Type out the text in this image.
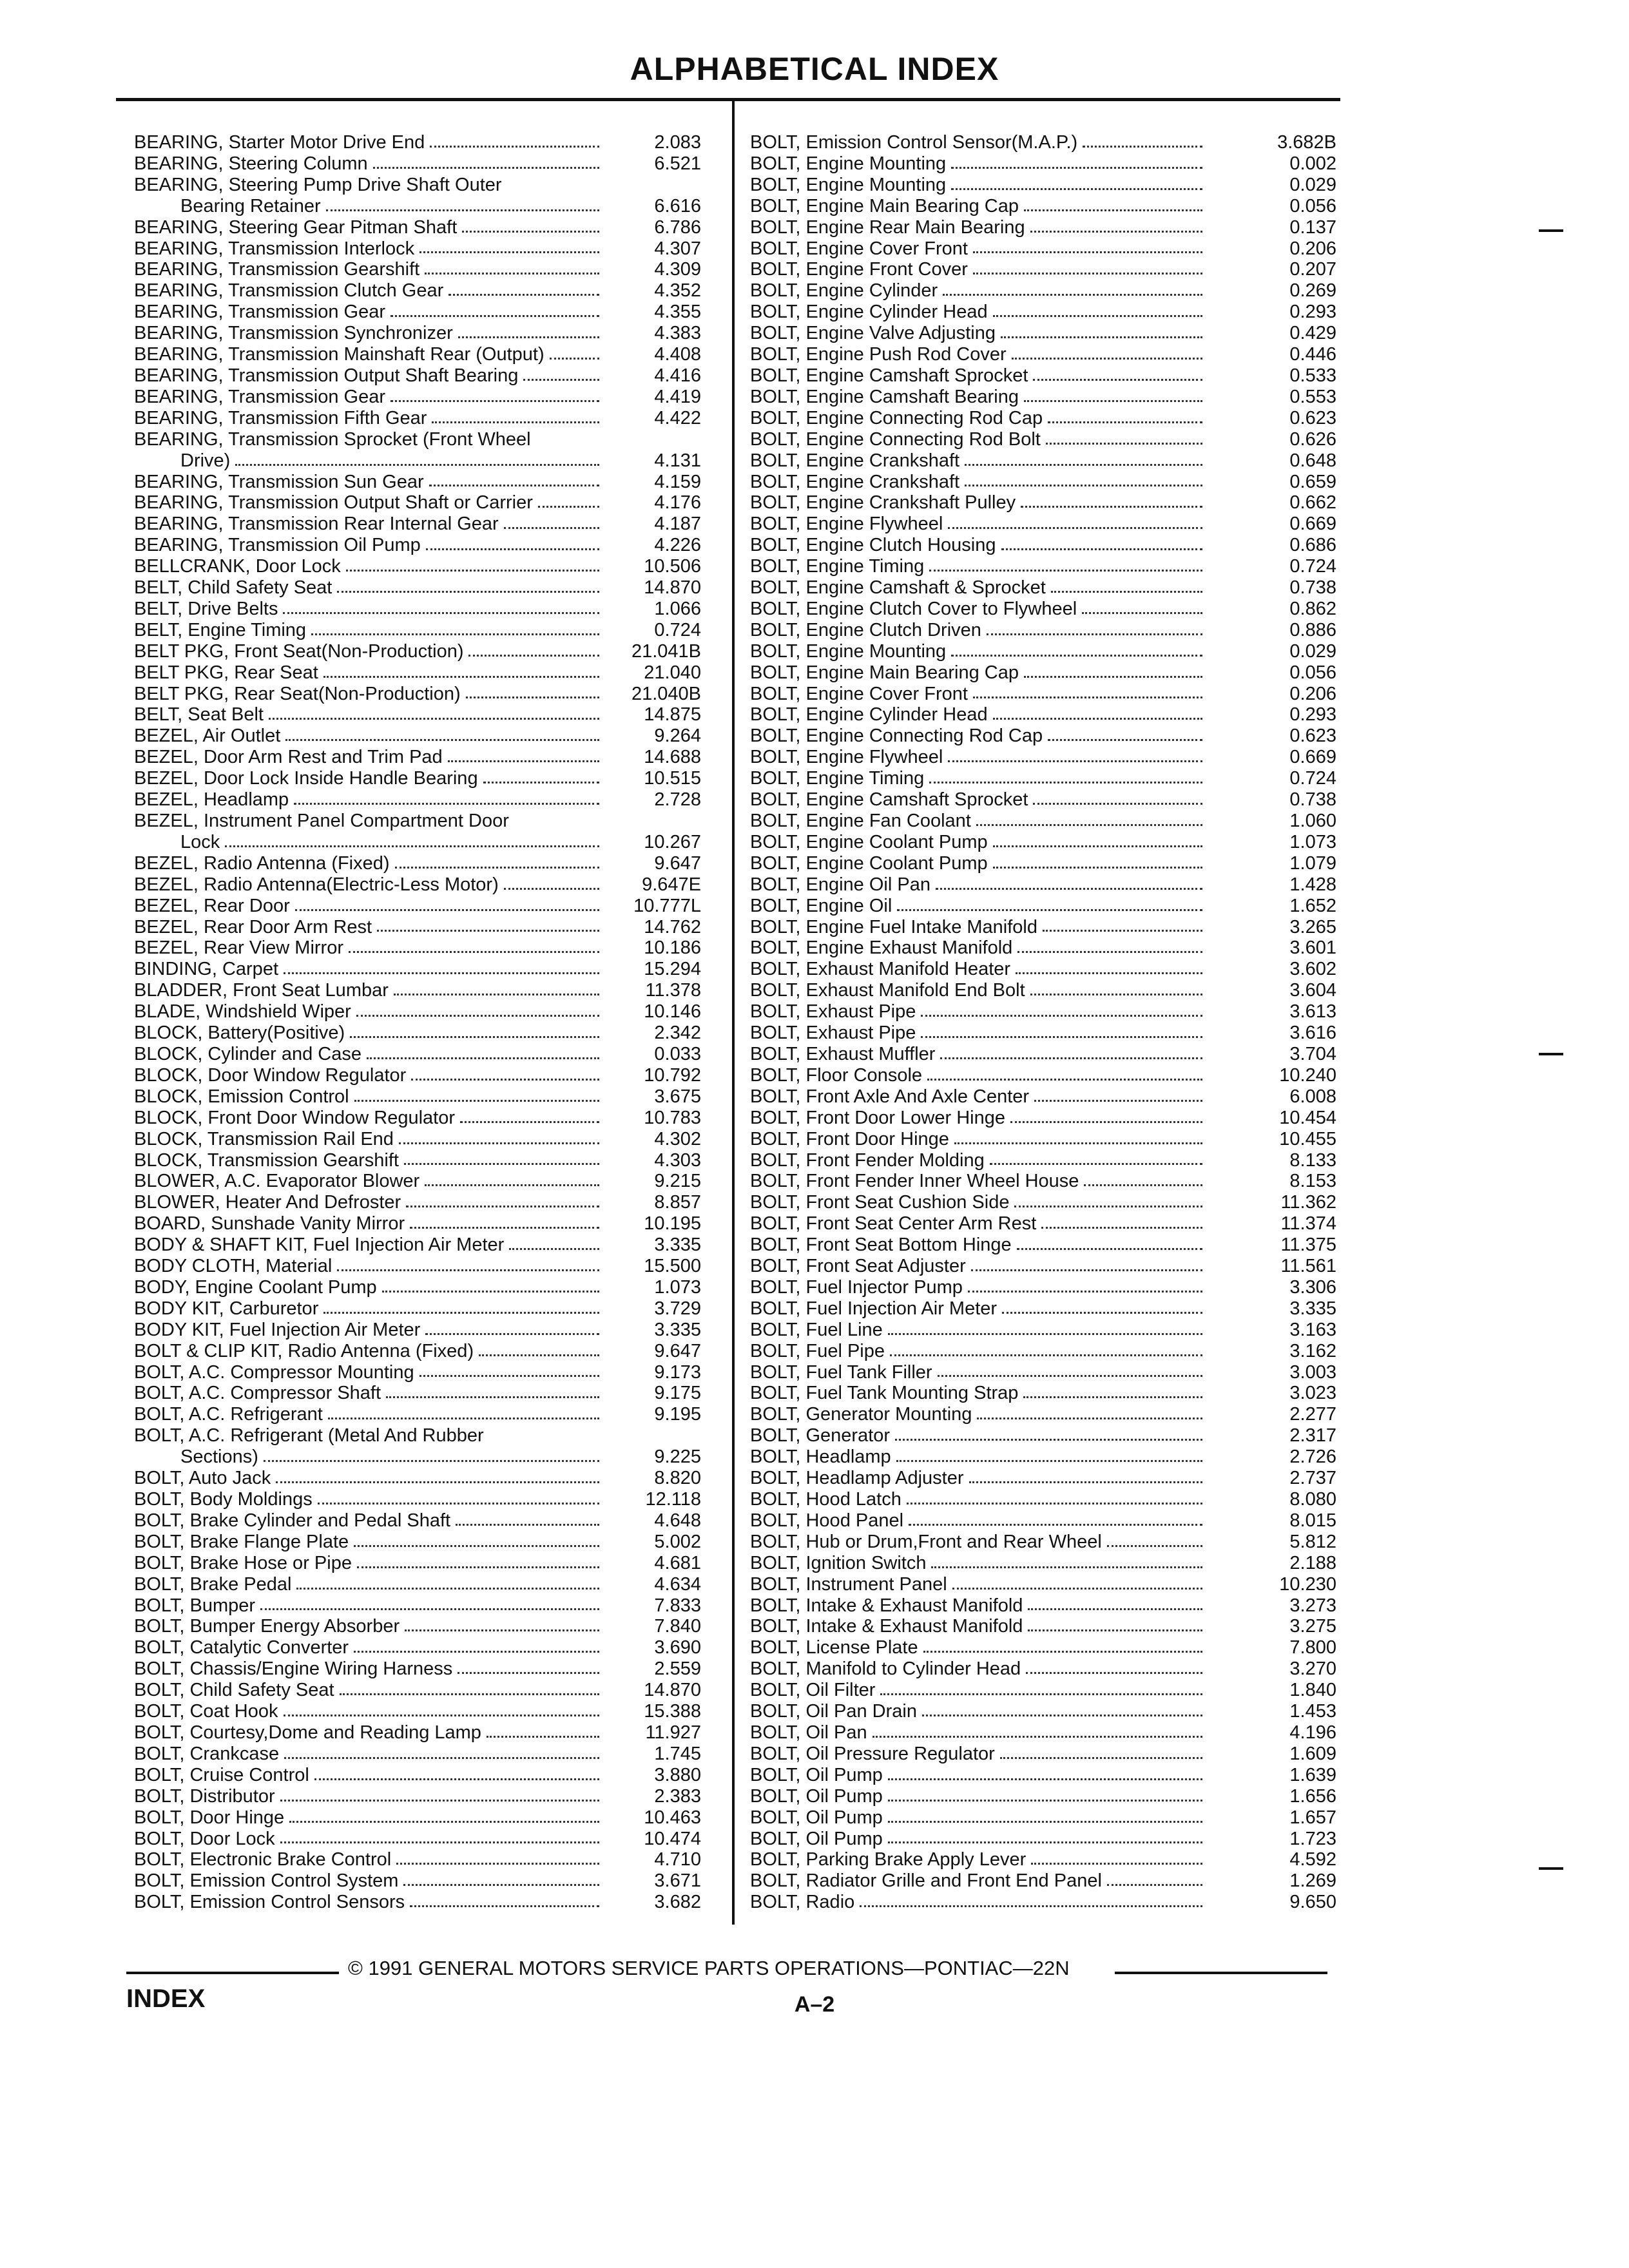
ALPHABETICAL INDEX
BEARING, Starter Motor Drive End	2.083
BEARING, Steering Column	6.521
BEARING, Steering Pump Drive Shaft Outer
Bearing Retainer	6.616
BEARING, Steering Gear Pitman Shaft	6.786
BEARING, Transmission Interlock	4.307
BEARING, Transmission Gearshift	4.309
BEARING, Transmission Clutch Gear	4.352
BEARING, Transmission Gear	4.355
BEARING, Transmission Synchronizer	4.383
BEARING, Transmission Mainshaft Rear (Output)	4.408
BEARING, Transmission Output Shaft Bearing	4.416
BEARING, Transmission Gear	4.419
BEARING, Transmission Fifth Gear	4.422
BEARING, Transmission Sprocket (Front Wheel
Drive)	4.131
BEARING, Transmission Sun Gear	4.159
BEARING, Transmission Output Shaft or Carrier	4.176
BEARING, Transmission Rear Internal Gear	4.187
BEARING, Transmission Oil Pump	4.226
BELLCRANK, Door Lock	10.506
BELT, Child Safety Seat	14.870
BELT, Drive Belts	1.066
BELT, Engine Timing	0.724
BELT PKG, Front Seat(Non-Production)	21.041B
BELT PKG, Rear Seat	21.040
BELT PKG, Rear Seat(Non-Production)	21.040B
BELT, Seat Belt	14.875
BEZEL, Air Outlet	9.264
BEZEL, Door Arm Rest and Trim Pad	14.688
BEZEL, Door Lock Inside Handle Bearing	10.515
BEZEL, Headlamp	2.728
BEZEL, Instrument Panel Compartment Door
Lock	10.267
BEZEL, Radio Antenna (Fixed)	9.647
BEZEL, Radio Antenna(Electric-Less Motor)	9.647E
BEZEL, Rear Door	10.777L
BEZEL, Rear Door Arm Rest	14.762
BEZEL, Rear View Mirror	10.186
BINDING, Carpet	15.294
BLADDER, Front Seat Lumbar	11.378
BLADE, Windshield Wiper	10.146
BLOCK, Battery(Positive)	2.342
BLOCK, Cylinder and Case	0.033
BLOCK, Door Window Regulator	10.792
BLOCK, Emission Control	3.675
BLOCK, Front Door Window Regulator	10.783
BLOCK, Transmission Rail End	4.302
BLOCK, Transmission Gearshift	4.303
BLOWER, A.C. Evaporator Blower	9.215
BLOWER, Heater And Defroster	8.857
BOARD, Sunshade Vanity Mirror	10.195
BODY & SHAFT KIT, Fuel Injection Air Meter	3.335
BODY CLOTH, Material	15.500
BODY, Engine Coolant Pump	1.073
BODY KIT, Carburetor	3.729
BODY KIT, Fuel Injection Air Meter	3.335
BOLT & CLIP KIT, Radio Antenna (Fixed)	9.647
BOLT, A.C. Compressor Mounting	9.173
BOLT, A.C. Compressor Shaft	9.175
BOLT, A.C. Refrigerant	9.195
BOLT, A.C. Refrigerant (Metal And Rubber
Sections)	9.225
BOLT, Auto Jack	8.820
BOLT, Body Moldings	12.118
BOLT, Brake Cylinder and Pedal Shaft	4.648
BOLT, Brake Flange Plate	5.002
BOLT, Brake Hose or Pipe	4.681
BOLT, Brake Pedal	4.634
BOLT, Bumper	7.833
BOLT, Bumper Energy Absorber	7.840
BOLT, Catalytic Converter	3.690
BOLT, Chassis/Engine Wiring Harness	2.559
BOLT, Child Safety Seat	14.870
BOLT, Coat Hook	15.388
BOLT, Courtesy,Dome and Reading Lamp	11.927
BOLT, Crankcase	1.745
BOLT, Cruise Control	3.880
BOLT, Distributor	2.383
BOLT, Door Hinge	10.463
BOLT, Door Lock	10.474
BOLT, Electronic Brake Control	4.710
BOLT, Emission Control System	3.671
BOLT, Emission Control Sensors	3.682
BOLT, Emission Control Sensor(M.A.P.)	3.682B
BOLT, Engine Mounting	0.002
BOLT, Engine Mounting	0.029
BOLT, Engine Main Bearing Cap	0.056
BOLT, Engine Rear Main Bearing	0.137
BOLT, Engine Cover Front	0.206
BOLT, Engine Front Cover	0.207
BOLT, Engine Cylinder	0.269
BOLT, Engine Cylinder Head	0.293
BOLT, Engine Valve Adjusting	0.429
BOLT, Engine Push Rod Cover	0.446
BOLT, Engine Camshaft Sprocket	0.533
BOLT, Engine Camshaft Bearing	0.553
BOLT, Engine Connecting Rod Cap	0.623
BOLT, Engine Connecting Rod Bolt	0.626
BOLT, Engine Crankshaft	0.648
BOLT, Engine Crankshaft	0.659
BOLT, Engine Crankshaft Pulley	0.662
BOLT, Engine Flywheel	0.669
BOLT, Engine Clutch Housing	0.686
BOLT, Engine Timing	0.724
BOLT, Engine Camshaft & Sprocket	0.738
BOLT, Engine Clutch Cover to Flywheel	0.862
BOLT, Engine Clutch Driven	0.886
BOLT, Engine Mounting	0.029
BOLT, Engine Main Bearing Cap	0.056
BOLT, Engine Cover Front	0.206
BOLT, Engine Cylinder Head	0.293
BOLT, Engine Connecting Rod Cap	0.623
BOLT, Engine Flywheel	0.669
BOLT, Engine Timing	0.724
BOLT, Engine Camshaft Sprocket	0.738
BOLT, Engine Fan Coolant	1.060
BOLT, Engine Coolant Pump	1.073
BOLT, Engine Coolant Pump	1.079
BOLT, Engine Oil Pan	1.428
BOLT, Engine Oil	1.652
BOLT, Engine Fuel Intake Manifold	3.265
BOLT, Engine Exhaust Manifold	3.601
BOLT, Exhaust Manifold Heater	3.602
BOLT, Exhaust Manifold End Bolt	3.604
BOLT, Exhaust Pipe	3.613
BOLT, Exhaust Pipe	3.616
BOLT, Exhaust Muffler	3.704
BOLT, Floor Console	10.240
BOLT, Front Axle And Axle Center	6.008
BOLT, Front Door Lower Hinge	10.454
BOLT, Front Door Hinge	10.455
BOLT, Front Fender Molding	8.133
BOLT, Front Fender Inner Wheel House	8.153
BOLT, Front Seat Cushion Side	11.362
BOLT, Front Seat Center Arm Rest	11.374
BOLT, Front Seat Bottom Hinge	11.375
BOLT, Front Seat Adjuster	11.561
BOLT, Fuel Injector Pump	3.306
BOLT, Fuel Injection Air Meter	3.335
BOLT, Fuel Line	3.163
BOLT, Fuel Pipe	3.162
BOLT, Fuel Tank Filler	3.003
BOLT, Fuel Tank Mounting Strap	3.023
BOLT, Generator Mounting	2.277
BOLT, Generator	2.317
BOLT, Headlamp	2.726
BOLT, Headlamp Adjuster	2.737
BOLT, Hood Latch	8.080
BOLT, Hood Panel	8.015
BOLT, Hub or Drum,Front and Rear Wheel	5.812
BOLT, Ignition Switch	2.188
BOLT, Instrument Panel	10.230
BOLT, Intake & Exhaust Manifold	3.273
BOLT, Intake & Exhaust Manifold	3.275
BOLT, License Plate	7.800
BOLT, Manifold to Cylinder Head	3.270
BOLT, Oil Filter	1.840
BOLT, Oil Pan Drain	1.453
BOLT, Oil Pan	4.196
BOLT, Oil Pressure Regulator	1.609
BOLT, Oil Pump	1.639
BOLT, Oil Pump	1.656
BOLT, Oil Pump	1.657
BOLT, Oil Pump	1.723
BOLT, Parking Brake Apply Lever	4.592
BOLT, Radiator Grille and Front End Panel	1.269
BOLT, Radio	9.650
© 1991 GENERAL MOTORS SERVICE PARTS OPERATIONS—PONTIAC—22N
INDEX	A–2
